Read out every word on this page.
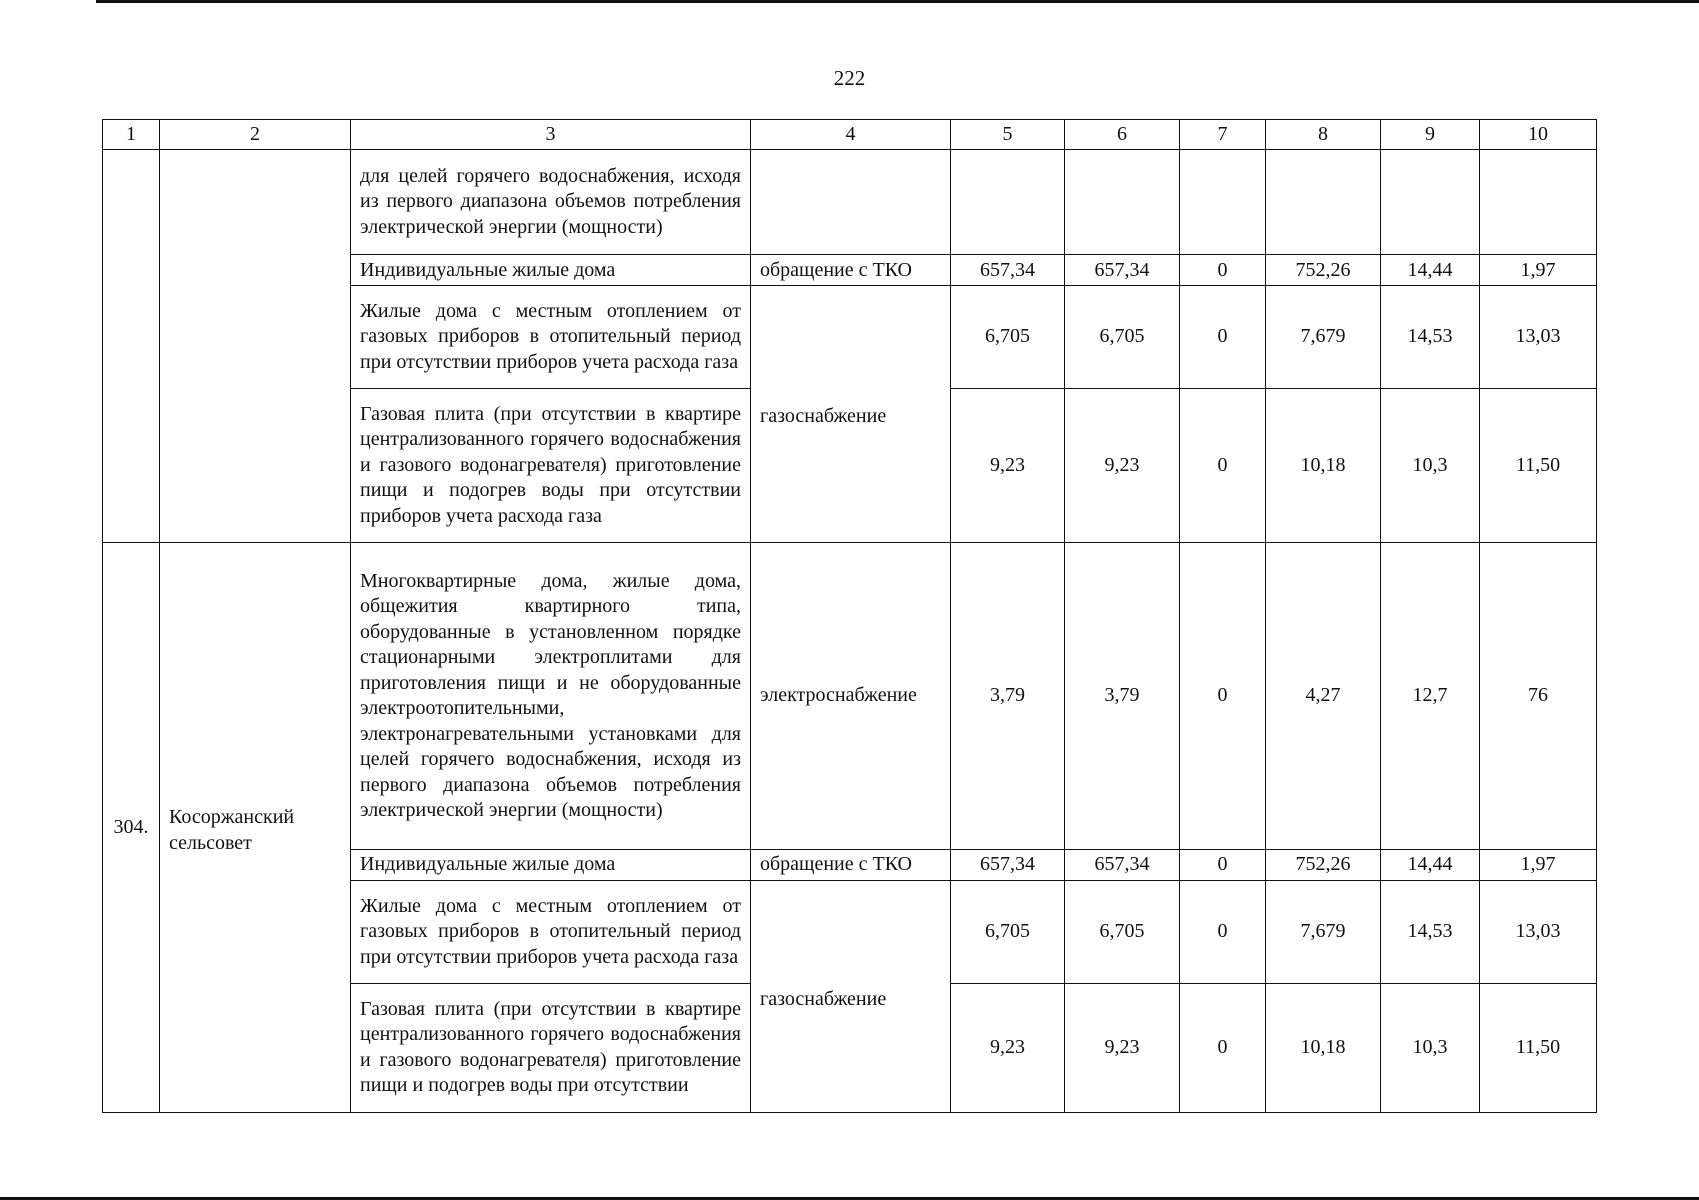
222
1	2	3	4	5	6	7	8	9	10
		для целей горячего водоснабжения, исходя из первого диапазона объемов потребления электрической энергии (мощности)							
		Индивидуальные жилые дома	обращение с ТКО	657,34	657,34	0	752,26	14,44	1,97
		Жилые дома с местным отоплением от газовых приборов в отопительный период при отсутствии приборов учета расхода газа	газоснабжение	6,705	6,705	0	7,679	14,53	13,03
		Газовая плита (при отсутствии в квартире централизованного горячего водоснабжения и газового водонагревателя) приготовление пищи и подогрев воды при отсутствии приборов учета расхода газа		9,23	9,23	0	10,18	10,3	11,50
304.	Косоржанский сельсовет	Многоквартирные дома, жилые дома, общежития квартирного типа, оборудованные в установленном порядке стационарными электроплитами для приготовления пищи и не оборудованные электроотопительными, электронагревательными установками для целей горячего водоснабжения, исходя из первого диапазона объемов потребления электрической энергии (мощности)	электроснабжение	3,79	3,79	0	4,27	12,7	76
		Индивидуальные жилые дома	обращение с ТКО	657,34	657,34	0	752,26	14,44	1,97
		Жилые дома с местным отоплением от газовых приборов в отопительный период при отсутствии приборов учета расхода газа	газоснабжение	6,705	6,705	0	7,679	14,53	13,03
		Газовая плита (при отсутствии в квартире централизованного горячего водоснабжения и газового водонагревателя) приготовление пищи и подогрев воды при отсутствии		9,23	9,23	0	10,18	10,3	11,50
